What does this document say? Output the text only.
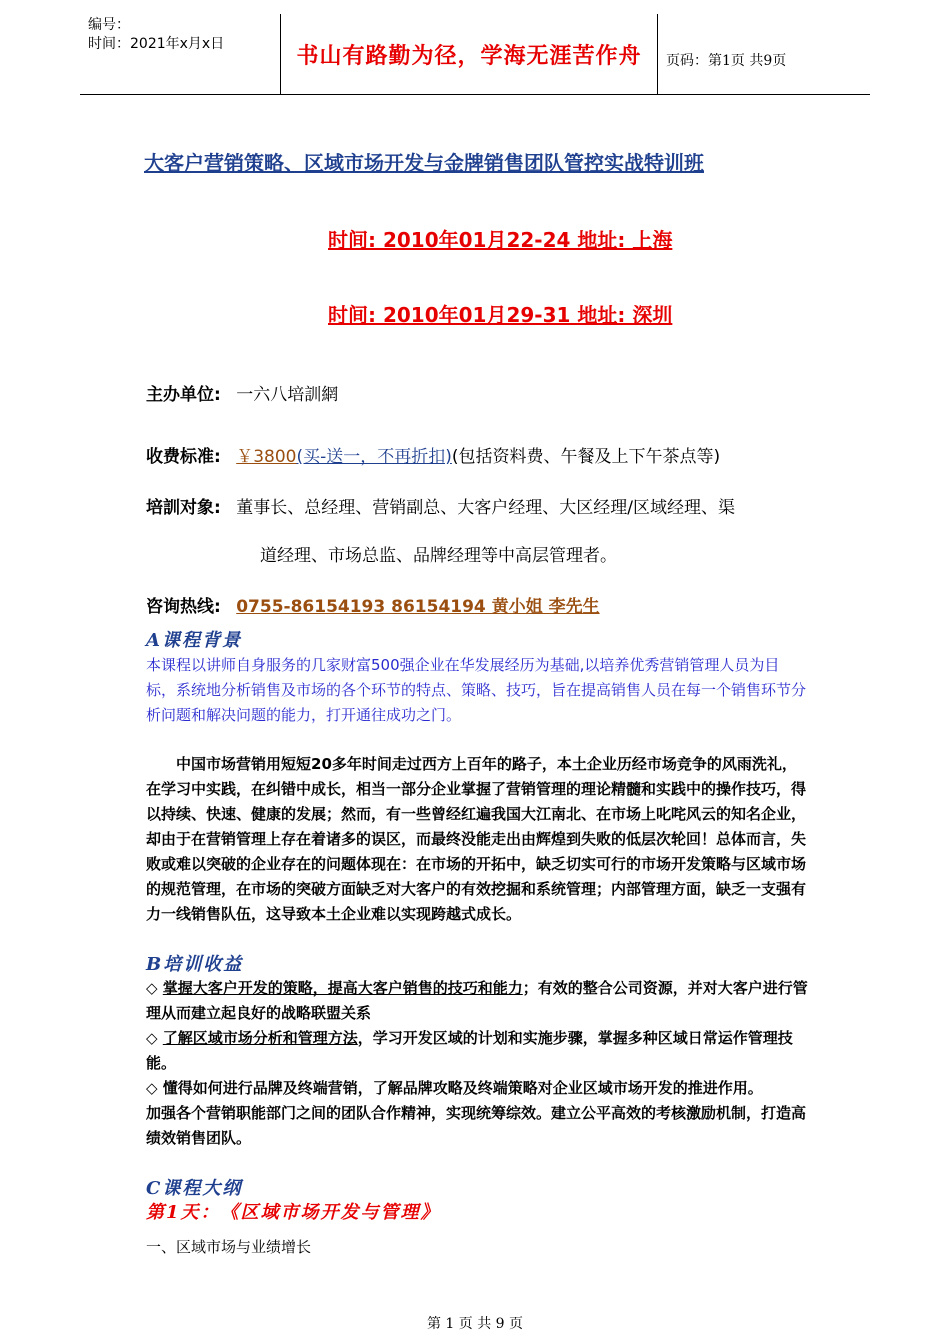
编号：
时间：2021年x月x日	书山有路勤为径，学海无涯苦作舟	页码：第1页 共9页
大客户营销策略、区域市场开发与金牌销售团队管控实战特训班
时间: 2010年01月22-24 地址: 上海
时间: 2010年01月29-31 地址: 深圳
主办单位: 一六八培訓網
收费标准: ￥3800(买-送一，不再折扣)(包括资料费、午餐及上下午茶点等)
培訓对象: 董事长、总经理、营销副总、大客户经理、大区经理/区域经理、渠
道经理、市场总监、品牌经理等中高层管理者。
咨询热线: 0755-86154193 86154194 黄小姐 李先生
A课程背景
本课程以讲师自身服务的几家财富500强企业在华发展经历为基础,以培养优秀营销管理人员为目标，系统地分析销售及市场的各个环节的特点、策略、技巧，旨在提高销售人员在每一个销售环节分析问题和解决问题的能力，打开通往成功之门。
中国市场营销用短短20多年时间走过西方上百年的路子，本土企业历经市场竞争的风雨洗礼，在学习中实践，在纠错中成长，相当一部分企业掌握了营销管理的理论精髓和实践中的操作技巧，得以持续、快速、健康的发展；然而，有一些曾经红遍我国大江南北、在市场上叱咤风云的知名企业，却由于在营销管理上存在着诸多的误区，而最终没能走出由辉煌到失败的低层次轮回！总体而言，失败或难以突破的企业存在的问题体现在：在市场的开拓中，缺乏切实可行的市场开发策略与区域市场的规范管理，在市场的突破方面缺乏对大客户的有效挖掘和系统管理；内部管理方面，缺乏一支强有力一线销售队伍，这导致本土企业难以实现跨越式成长。
B培训收益

◇ 掌握大客户开发的策略，提高大客户销售的技巧和能力；有效的整合公司资源，并对大客户进行管理从而建立起良好的战略联盟关系

◇ 了解区域市场分析和管理方法，学习开发区域的计划和实施步骤，掌握多种区域日常运作管理技能。

◇ 懂得如何进行品牌及终端营销，了解品牌攻略及终端策略对企业区域市场开发的推进作用。

加强各个营销职能部门之间的团队合作精神，实现统筹综效。建立公平高效的考核激励机制，打造高绩效销售团队。

C课程大纲
第1天：《区域市场开发与管理》
一、区域市场与业绩增长
第 1 页 共 9 页
